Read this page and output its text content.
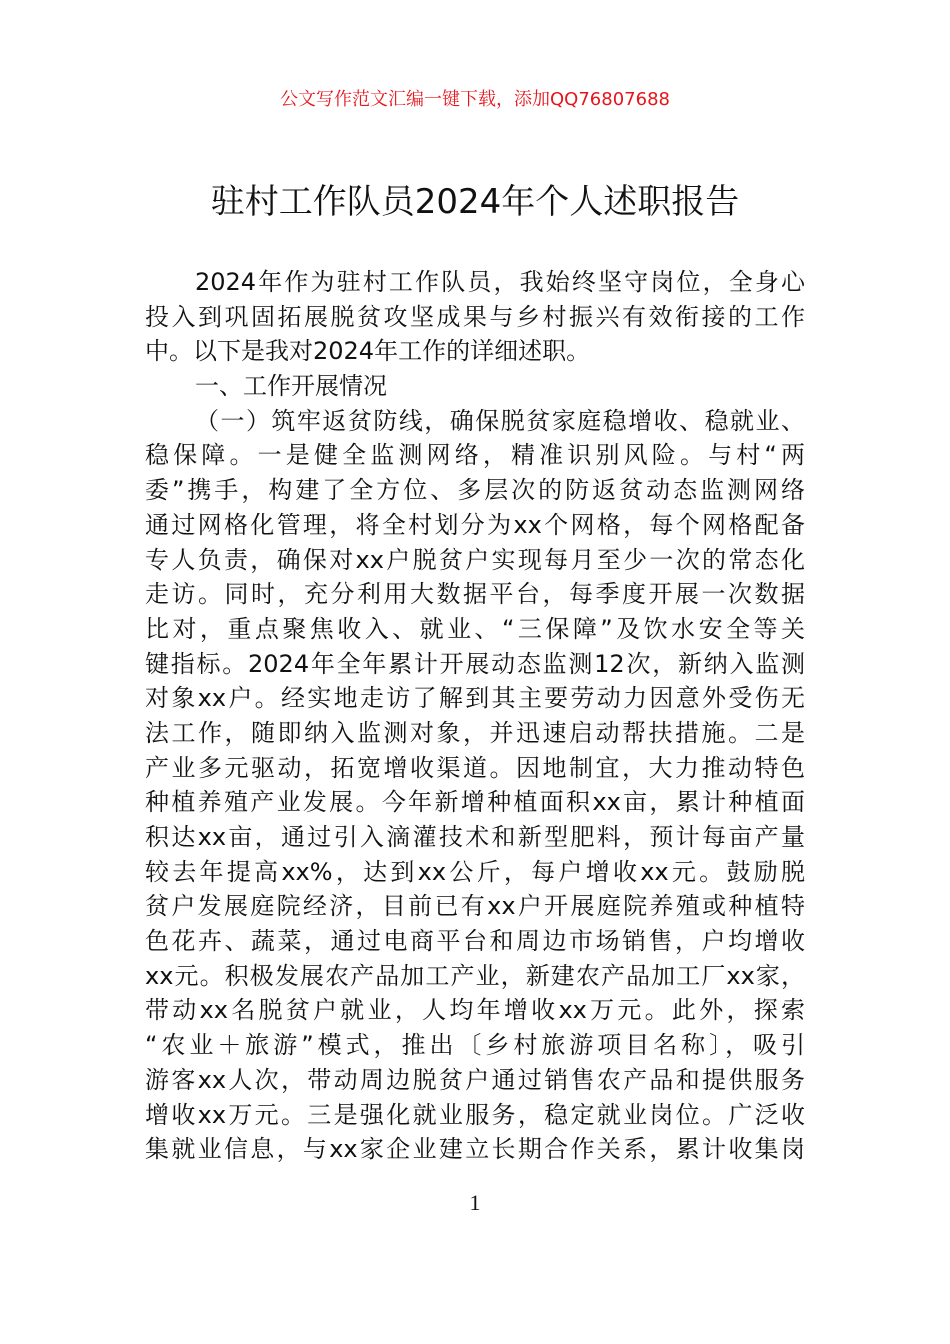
公文写作范文汇编一键下载，添加QQ76807688
驻村工作队员2024年个人述职报告
2024年作为驻村工作队员，我始终坚守岗位，全身心
投入到巩固拓展脱贫攻坚成果与乡村振兴有效衔接的工作
中。以下是我对2024年工作的详细述职。
一、工作开展情况
（一）筑牢返贫防线，确保脱贫家庭稳增收、稳就业、
稳保障。一是健全监测网络，精准识别风险。与村“两
委”携手，构建了全方位、多层次的防返贫动态监测网络
通过网格化管理，将全村划分为xx个网格，每个网格配备
专人负责，确保对xx户脱贫户实现每月至少一次的常态化
走访。同时，充分利用大数据平台，每季度开展一次数据
比对，重点聚焦收入、就业、“三保障”及饮水安全等关
键指标。2024年全年累计开展动态监测12次，新纳入监测
对象xx户。经实地走访了解到其主要劳动力因意外受伤无
法工作，随即纳入监测对象，并迅速启动帮扶措施。二是
产业多元驱动，拓宽增收渠道。因地制宜，大力推动特色
种植养殖产业发展。今年新增种植面积xx亩，累计种植面
积达xx亩，通过引入滴灌技术和新型肥料，预计每亩产量
较去年提高xx%，达到xx公斤，每户增收xx元。鼓励脱
贫户发展庭院经济，目前已有xx户开展庭院养殖或种植特
色花卉、蔬菜，通过电商平台和周边市场销售，户均增收
xx元。积极发展农产品加工产业，新建农产品加工厂xx家，
带动xx名脱贫户就业，人均年增收xx万元。此外，探索
“农业＋旅游”模式，推出〔乡村旅游项目名称〕，吸引
游客xx人次，带动周边脱贫户通过销售农产品和提供服务
增收xx万元。三是强化就业服务，稳定就业岗位。广泛收
集就业信息，与xx家企业建立长期合作关系，累计收集岗
1
